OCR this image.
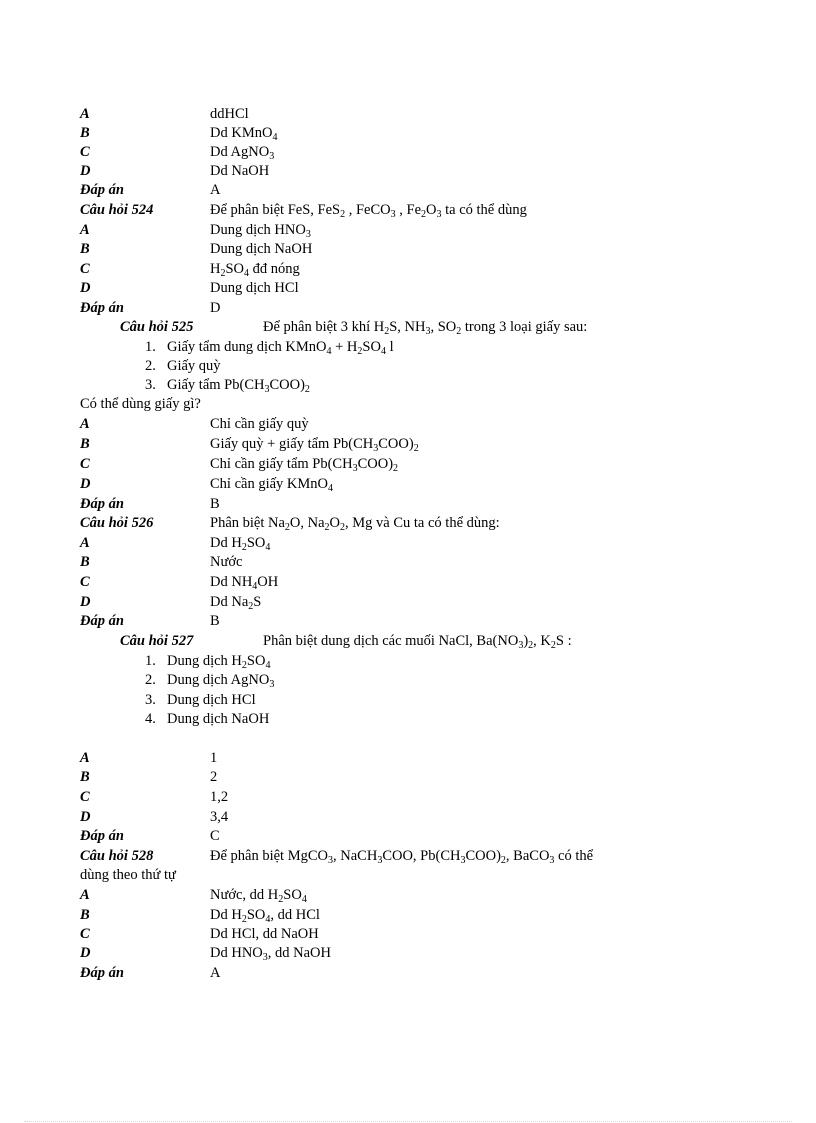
A	ddHCl
B	Dd KMnO$_4$
C	Dd AgNO$_3$
D	Dd NaOH
Đáp án	A
Câu hỏi 524	Để phân biệt FeS, FeS$_2$ , FeCO$_3$ , $Fe_2O_3$ ta có thể dùng
A	Dung dịch $HNO_3$
B	Dung dịch NaOH
C	$H_2SO_4$ đđ nóng
D	Dung dịch HCl
Đáp án	D
Câu hỏi 525	Để phân biệt 3 khí $H_2S$, $NH_3$, $SO_2$ trong 3 loại giấy sau:
1. Giấy tẩm dung dịch KMnO$_4$ + $H_2SO_4$ l
2. Giấy quỳ
3. Giấy tẩm $Pb(CH_3COO)_2$
Có thể dùng giấy gì?
A	Chỉ cần giấy quỳ
B	Giấy quỳ + giấy tẩm $Pb(CH_3COO)_2$
C	Chỉ cần giấy tẩm $Pb(CH_3COO)_2$
D	Chỉ cần giấy KMnO$_4$
Đáp án	B
Câu hỏi 526	Phân biệt $Na_2O$, $Na_2O_2$, Mg và Cu ta có thể dùng:
A	Dd $H_2SO_4$
B	Nước
C	Dd $NH_4OH$
D	Dd $Na_2S$
Đáp án	B
Câu hỏi 527	Phân biệt dung dịch các muối NaCl, $Ba(NO_3)_2$, $K_2S$ :
1. Dung dịch $H_2SO_4$
2. Dung dịch AgNO$_3$
3. Dung dịch HCl
4. Dung dịch NaOH
A	1
B	2
C	1,2
D	3,4
Đáp án	C
Câu hỏi 528	Để phân biệt MgCO$_3$, NaCH$_3$COO, $Pb(CH_3COO)_2$, BaCO$_3$ có thể
dùng theo thứ tự
A	Nước, dd $H_2SO_4$
B	Dd $H_2SO_4$, dd HCl
C	Dd HCl, dd NaOH
D	Dd $HNO_3$, dd NaOH
Đáp án	A
